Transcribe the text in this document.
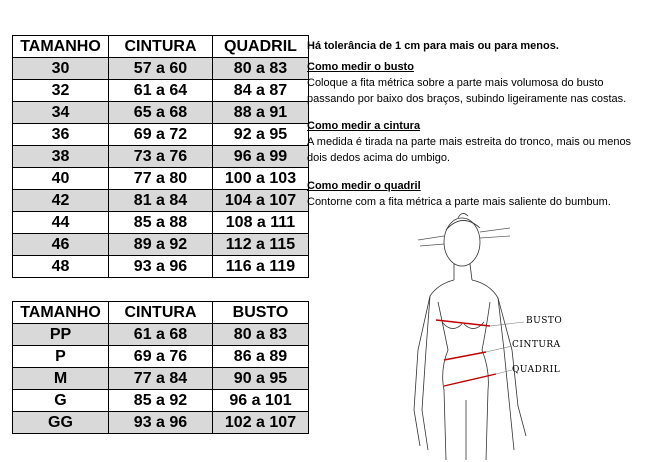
TAMANHO	CINTURA	QUADRIL
30	57 a 60	80 a 83
32	61 a 64	84 a 87
34	65 a 68	88 a 91
36	69 a 72	92 a 95
38	73 a 76	96 a 99
40	77 a 80	100 a 103
42	81 a 84	104 a 107
44	85 a 88	108 a 111
46	89 a 92	112 a 115
48	93 a 96	116 a 119
TAMANHO	CINTURA	BUSTO
PP	61 a 68	80 a 83
P	69 a 76	86 a 89
M	77 a 84	90 a 95
G	85 a 92	96 a 101
GG	93 a 96	102 a 107
Há tolerância de 1 cm para mais ou para menos.
Como medir o busto
Coloque a fita métrica sobre a parte mais volumosa do busto passando por baixo dos braços, subindo ligeiramente nas costas.
Como medir a cintura
A medida é tirada na parte mais estreita do tronco, mais ou menos dois dedos acima do umbigo.
Como medir o quadril
Contorne com a fita métrica a parte mais saliente do bumbum.
BUSTO
CINTURA
QUADRIL
